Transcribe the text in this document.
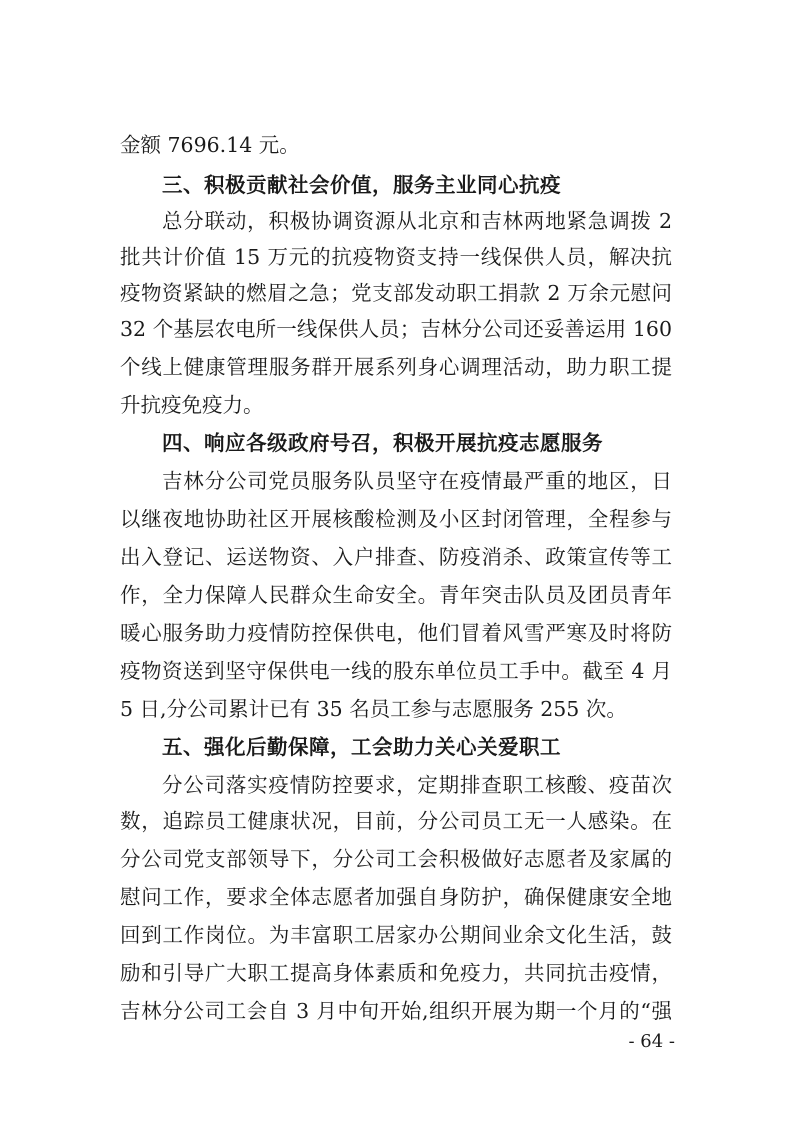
金额 7696.14 元。
三、积极贡献社会价值，服务主业同心抗疫
总分联动，积极协调资源从北京和吉林两地紧急调拨 2
批共计价值 15 万元的抗疫物资支持一线保供人员，解决抗
疫物资紧缺的燃眉之急；党支部发动职工捐款 2 万余元慰问
32 个基层农电所一线保供人员；吉林分公司还妥善运用 160
个线上健康管理服务群开展系列身心调理活动，助力职工提
升抗疫免疫力。
四、响应各级政府号召，积极开展抗疫志愿服务
吉林分公司党员服务队员坚守在疫情最严重的地区，日
以继夜地协助社区开展核酸检测及小区封闭管理，全程参与
出入登记、运送物资、入户排查、防疫消杀、政策宣传等工
作，全力保障人民群众生命安全。青年突击队员及团员青年
暖心服务助力疫情防控保供电，他们冒着风雪严寒及时将防
疫物资送到坚守保供电一线的股东单位员工手中。截至 4 月
5 日,分公司累计已有 35 名员工参与志愿服务 255 次。
五、强化后勤保障，工会助力关心关爱职工
分公司落实疫情防控要求，定期排查职工核酸、疫苗次
数，追踪员工健康状况，目前，分公司员工无一人感染。在
分公司党支部领导下，分公司工会积极做好志愿者及家属的
慰问工作，要求全体志愿者加强自身防护，确保健康安全地
回到工作岗位。为丰富职工居家办公期间业余文化生活，鼓
励和引导广大职工提高身体素质和免疫力，共同抗击疫情，
吉林分公司工会自 3 月中旬开始,组织开展为期一个月的“强
- 64 -
